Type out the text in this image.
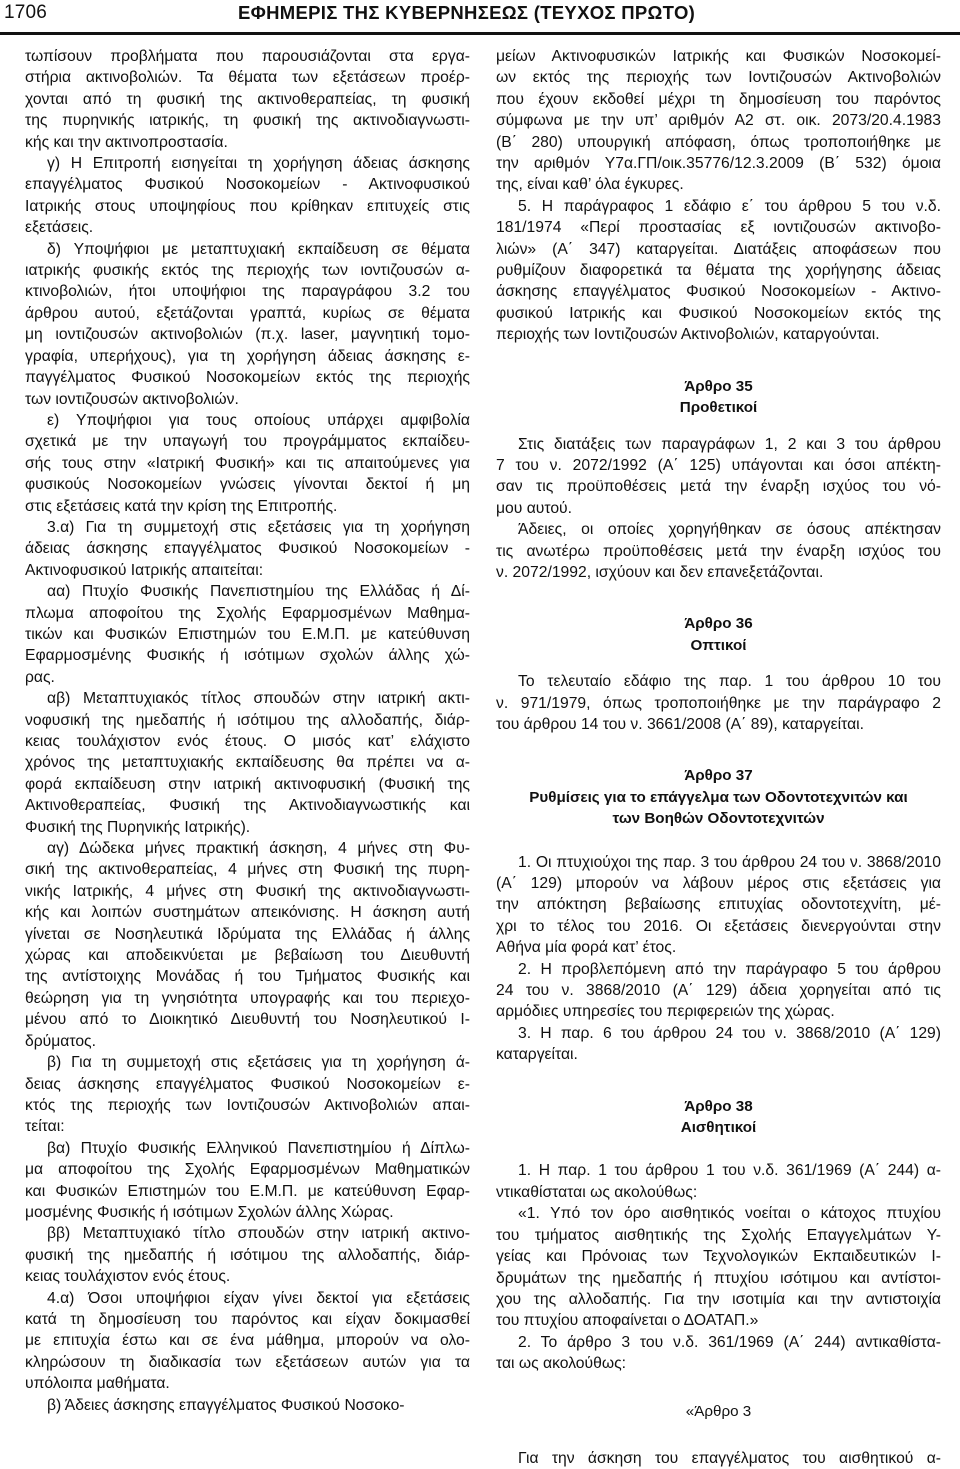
1706	ΕΦΗΜΕΡΙΣ ΤΗΣ ΚΥΒΕΡΝΗΣΕΩΣ (ΤΕΥΧΟΣ ΠΡΩΤΟ)

τωπίσουν προβλήματα που παρουσιάζονται στα εργα-
στήρια ακτινοβολιών. Τα θέματα των εξετάσεων προέρ-
χονται από τη φυσική της ακτινοθεραπείας, τη φυσική
της πυρηνικής ιατρικής, τη φυσική της ακτινοδιαγνωστι-
κής και την ακτινοπροστασία.

γ) Η Επιτροπή εισηγείται τη χορήγηση άδειας άσκησης
επαγγέλματος Φυσικού Νοσοκομείων - Ακτινοφυσικού
Ιατρικής στους υποψηφίους που κρίθηκαν επιτυχείς στις
εξετάσεις.

δ) Υποψήφιοι με μεταπτυχιακή εκπαίδευση σε θέματα
ιατρικής φυσικής εκτός της περιοχής των ιοντιζουσών α-
κτινοβολιών, ήτοι υποψήφιοι της παραγράφου 3.2 του
άρθρου αυτού, εξετάζονται γραπτά, κυρίως σε θέματα
μη ιοντιζουσών ακτινοβολιών (π.χ. laser, μαγνητική τομο-
γραφία, υπερήχους), για τη χορήγηση άδειας άσκησης ε-
παγγέλματος Φυσικού Νοσοκομείων εκτός της περιοχής
των ιοντιζουσών ακτινοβολιών.

ε) Υποψήφιοι για τους οποίους υπάρχει αμφιβολία
σχετικά με την υπαγωγή του προγράμματος εκπαίδευ-
σής τους στην «Ιατρική Φυσική» και τις απαιτούμενες για
φυσικούς Νοσοκομείων γνώσεις γίνονται δεκτοί ή μη
στις εξετάσεις κατά την κρίση της Επιτροπής.

3.α) Για τη συμμετοχή στις εξετάσεις για τη χορήγηση
άδειας άσκησης επαγγέλματος Φυσικού Νοσοκομείων -
Ακτινοφυσικού Ιατρικής απαιτείται:

αα) Πτυχίο Φυσικής Πανεπιστημίου της Ελλάδας ή Δί-
πλωμα αποφοίτου της Σχολής Εφαρμοσμένων Μαθημα-
τικών και Φυσικών Επιστημών του Ε.Μ.Π. με κατεύθυνση
Εφαρμοσμένης Φυσικής ή ισότιμων σχολών άλλης χώ-
ρας.

αβ) Μεταπτυχιακός τίτλος σπουδών στην ιατρική ακτι-
νοφυσική της ημεδαπής ή ισότιμου της αλλοδαπής, διάρ-
κειας τουλάχιστον ενός έτους. Ο μισός κατ’ ελάχιστο
χρόνος της μεταπτυχιακής εκπαίδευσης θα πρέπει να α-
φορά εκπαίδευση στην ιατρική ακτινοφυσική (Φυσική της
Ακτινοθεραπείας, Φυσική της Ακτινοδιαγνωστικής και
Φυσική της Πυρηνικής Ιατρικής).

αγ) Δώδεκα μήνες πρακτική άσκηση, 4 μήνες στη Φυ-
σική της ακτινοθεραπείας, 4 μήνες στη Φυσική της πυρη-
νικής Ιατρικής, 4 μήνες στη Φυσική της ακτινοδιαγνωστι-
κής και λοιπών συστημάτων απεικόνισης. Η άσκηση αυτή
γίνεται σε Νοσηλευτικά Ιδρύματα της Ελλάδας ή άλλης
χώρας και αποδεικνύεται με βεβαίωση του Διευθυντή
της αντίστοιχης Μονάδας ή του Τμήματος Φυσικής και
θεώρηση για τη γνησιότητα υπογραφής και του περιεχο-
μένου από το Διοικητικό Διευθυντή του Νοσηλευτικού Ι-
δρύματος.

β) Για τη συμμετοχή στις εξετάσεις για τη χορήγηση ά-
δειας άσκησης επαγγέλματος Φυσικού Νοσοκομείων ε-
κτός της περιοχής των Ιοντιζουσών Ακτινοβολιών απαι-
τείται:

βα) Πτυχίο Φυσικής Ελληνικού Πανεπιστημίου ή Δίπλω-
μα αποφοίτου της Σχολής Εφαρμοσμένων Μαθηματικών
και Φυσικών Επιστημών του Ε.Μ.Π. με κατεύθυνση Εφαρ-
μοσμένης Φυσικής ή ισότιμων Σχολών άλλης Χώρας.

ββ) Μεταπτυχιακό τίτλο σπουδών στην ιατρική ακτινο-
φυσική της ημεδαπής ή ισότιμου της αλλοδαπής, διάρ-
κειας τουλάχιστον ενός έτους.

4.α) Όσοι υποψήφιοι είχαν γίνει δεκτοί για εξετάσεις
κατά τη δημοσίευση του παρόντος και είχαν δοκιμασθεί
με επιτυχία έστω και σε ένα μάθημα, μπορούν να ολο-
κληρώσουν τη διαδικασία των εξετάσεων αυτών για τα
υπόλοιπα μαθήματα.

β) Άδειες άσκησης επαγγέλματος Φυσικού Νοσοκο-

μείων Ακτινοφυσικών Ιατρικής και Φυσικών Νοσοκομεί-
ων εκτός της περιοχής των Ιοντιζουσών Ακτινοβολιών
που έχουν εκδοθεί μέχρι τη δημοσίευση του παρόντος
σύμφωνα με την υπ’ αριθμόν Α2 στ. οικ. 2073/20.4.1983
(Β΄ 280) υπουργική απόφαση, όπως τροποποιήθηκε με
την αριθμόν Υ7α.ΓΠ/οικ.35776/12.3.2009 (Β΄ 532) όμοια
της, είναι καθ’ όλα έγκυρες.

5. Η παράγραφος 1 εδάφιο ε΄ του άρθρου 5 του ν.δ.
181/1974 «Περί προστασίας εξ ιοντιζουσών ακτινοβο-
λιών» (Α΄ 347) καταργείται. Διατάξεις αποφάσεων που
ρυθμίζουν διαφορετικά τα θέματα της χορήγησης άδειας
άσκησης επαγγέλματος Φυσικού Νοσοκομείων - Ακτινο-
φυσικού Ιατρικής και Φυσικού Νοσοκομείων εκτός της
περιοχής των Ιοντιζουσών Ακτινοβολιών, καταργούνται.

Άρθρο 35
Προθετικοί

Στις διατάξεις των παραγράφων 1, 2 και 3 του άρθρου
7 του ν. 2072/1992 (Α΄ 125) υπάγονται και όσοι απέκτη-
σαν τις προϋποθέσεις μετά την έναρξη ισχύος του νό-
μου αυτού.

Άδειες, οι οποίες χορηγήθηκαν σε όσους απέκτησαν
τις ανωτέρω προϋποθέσεις μετά την έναρξη ισχύος του
ν. 2072/1992, ισχύουν και δεν επανεξετάζονται.

Άρθρο 36
Οπτικοί

Το τελευταίο εδάφιο της παρ. 1 του άρθρου 10 του
ν. 971/1979, όπως τροποποιήθηκε με την παράγραφο 2
του άρθρου 14 του ν. 3661/2008 (Α΄ 89), καταργείται.

Άρθρο 37
Ρυθμίσεις για το επάγγελμα των Οδοντοτεχνιτών και
των Βοηθών Οδοντοτεχνιτών

1. Οι πτυχιούχοι της παρ. 3 του άρθρου 24 του ν. 3868/2010
(Α΄ 129) μπορούν να λάβουν μέρος στις εξετάσεις για
την απόκτηση βεβαίωσης επιτυχίας οδοντοτεχνίτη, μέ-
χρι το τέλος του 2016. Οι εξετάσεις διενεργούνται στην
Αθήνα μία φορά κατ’ έτος.

2. Η προβλεπόμενη από την παράγραφο 5 του άρθρου
24 του ν. 3868/2010 (Α΄ 129) άδεια χορηγείται από τις
αρμόδιες υπηρεσίες του περιφερειών της χώρας.

3. Η παρ. 6 του άρθρου 24 του ν. 3868/2010 (Α΄ 129)
καταργείται.

Άρθρο 38
Αισθητικοί

1. Η παρ. 1 του άρθρου 1 του ν.δ. 361/1969 (Α΄ 244) α-
ντικαθίσταται ως ακολούθως:

«1. Υπό τον όρο αισθητικός νοείται ο κάτοχος πτυχίου
του τμήματος αισθητικής της Σχολής Επαγγελμάτων Υ-
γείας και Πρόνοιας των Τεχνολογικών Εκπαιδευτικών Ι-
δρυμάτων της ημεδαπής ή πτυχίου ισότιμου και αντίστοι-
χου της αλλοδαπής. Για την ισοτιμία και την αντιστοιχία
του πτυχίου αποφαίνεται ο ΔΟΑΤΑΠ.»

2. Το άρθρο 3 του ν.δ. 361/1969 (Α΄ 244) αντικαθίστα-
ται ως ακολούθως:

«Άρθρο 3

Για την άσκηση του επαγγέλματος του αισθητικού α-
